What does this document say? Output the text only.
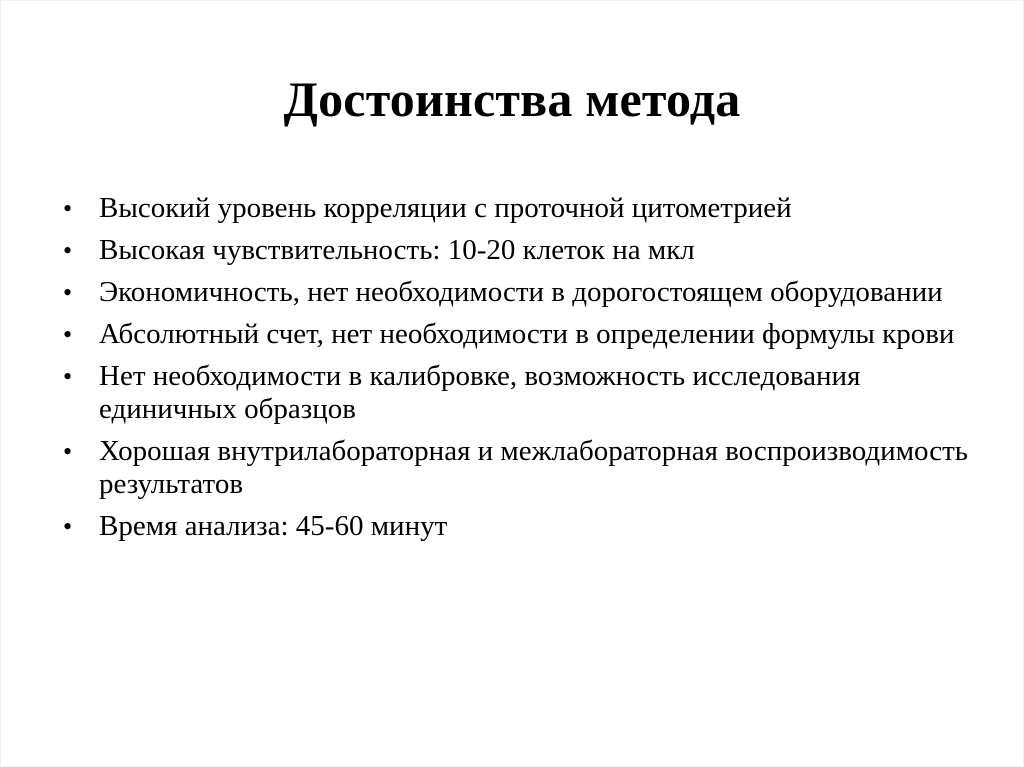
Достоинства метода
• Высокий уровень корреляции с проточной цитометрией
• Высокая чувствительность: 10-20 клеток на мкл
• Экономичность, нет необходимости в дорогостоящем оборудовании
• Абсолютный счет, нет необходимости в определении формулы крови
• Нет необходимости в калибровке, возможность исследования единичных образцов
• Хорошая внутрилабораторная и межлабораторная воспроизводимость результатов
• Время анализа: 45-60 минут
